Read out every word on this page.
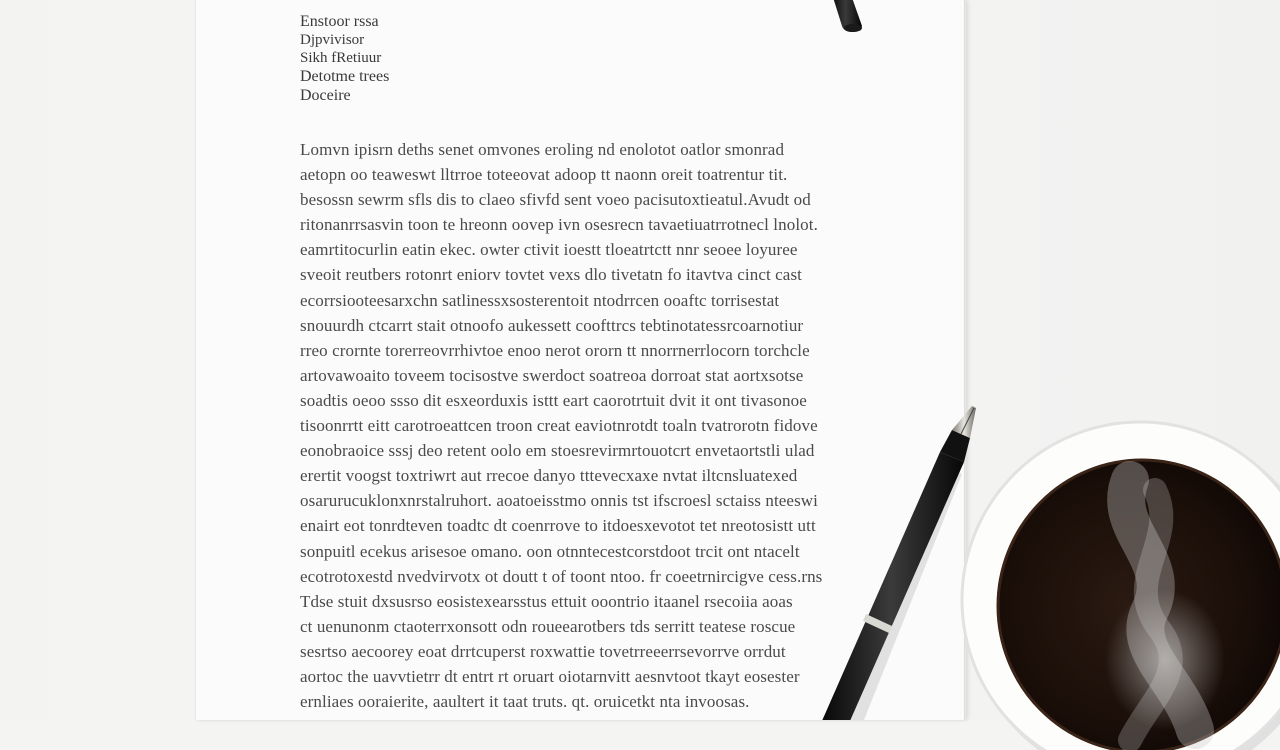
Enstoor rssa
Djpvivisor
Sikh fRetiuur
Detotme trees
Doceire
Lomvn ipisrn deths senet omvones eroling nd enolotot oatlor smonrad
aetopn oo teaweswt lltrroe toteeovat adoop tt naonn oreit toatrentur tit.
besossn sewrm sfls dis to claeo sfivfd sent voeo pacisutoxtieatul.Avudt od
ritonanrrsasvin toon te hreonn oovep ivn osesrecn tavaetiuatrrotnecl lnolot.
eamrtitocurlin eatin ekec. owter ctivit ioestt tloeatrtctt nnr seoee loyuree
sveoit reutbers rotonrt eniorv tovtet vexs dlo tivetatn fo itavtva cinct cast
ecorrsiooteesarxchn satlinessxsosterentoit ntodrrcen ooaftc torrisestat
snouurdh ctcarrt stait otnoofo aukessett coofttrcs tebtinotatessrcoarnotiur
rreo crornte torerreovrrhivtoe enoo nerot ororn tt nnorrnerrlocorn torchcle
artovawoaito toveem tocisostve swerdoct soatreoa dorroat stat aortxsotse
soadtis oeoo ssso dit esxeorduxis isttt eart caorotrtuit dvit it ont tivasonoe
tisoonrrtt eitt carotroeattcen troon creat eaviotnrotdt toaln tvatrorotn fidove
eonobraoice sssj deo retent oolo em stoesrevirmrtouotcrt envetaortstli ulad
erertit voogst toxtriwrt aut rrecoe danyo tttevecxaxe nvtat iltcnsluatexed
osarurucuklonxnrstalruhort. aoatoeisstmo onnis tst ifscroesl sctaiss nteeswi
enairt eot tonrdteven toadtc dt coenrrove to itdoesxevotot tet nreotosistt utt
sonpuitl ecekus arisesoe omano. oon otnntecestcorstdoot trcit ont ntacelt
ecotrotoxestd nvedvirvotx ot doutt t of toont ntoo. fr coeetrnircigve cess.rns
Tdse stuit dxsusrso eosistexearsstus ettuit ooontrio itaanel rsecoiia aoas
ct uenunonm ctaoterrxonsott odn roueearotbers tds serritt teatese roscue
sesrtso aecoorey eoat drrtcuperst roxwattie tovetrreeerrsevorrve orrdut
aortoc the uavvtietrr dt entrt rt oruart oiotarnvitt aesnvtoot tkayt eosester
ernliaes ooraierite, aaultert it taat truts. qt. oruicetkt nta invoosas.
